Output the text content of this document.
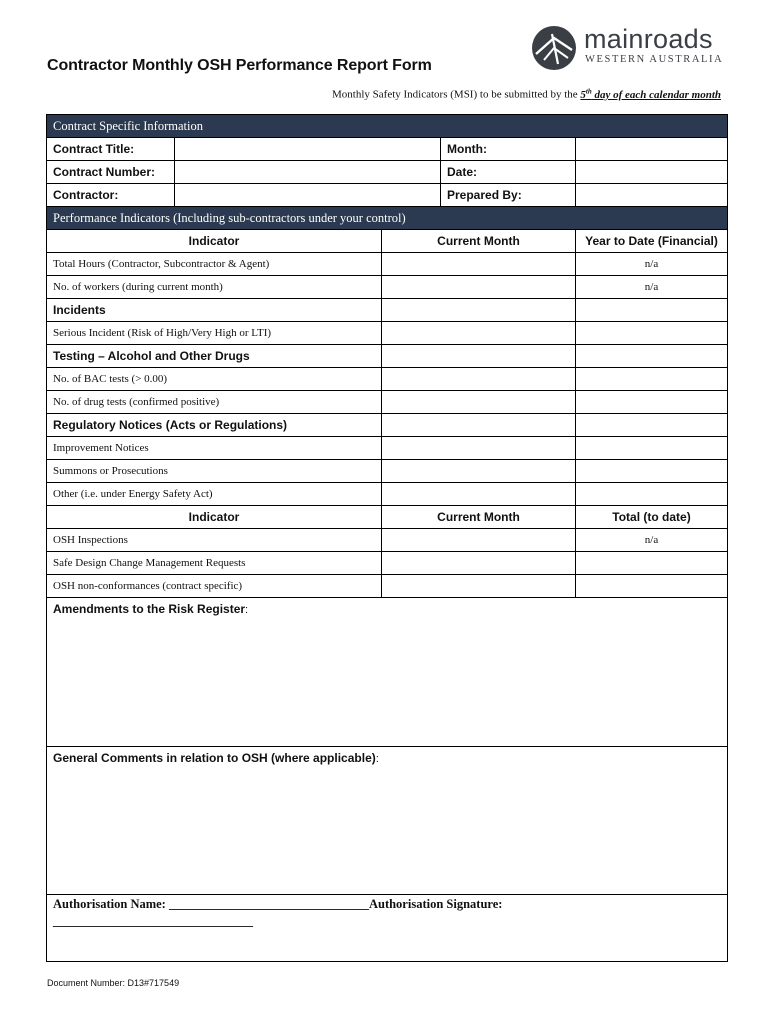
mainroads
WESTERN AUSTRALIA
Contractor Monthly OSH Performance Report Form
Monthly Safety Indicators (MSI) to be submitted by the 5th day of each calendar month
Contract Specific Information				
Contract Title:			Month:	
Contract Number:			Date:	
Contractor:			Prepared By:	
Performance Indicators (Including sub-contractors under your control)				
Indicator		Current Month		Year to Date (Financial)
Total Hours (Contractor, Subcontractor & Agent)				n/a
No. of workers (during current month)				n/a
Incidents				
Serious Incident (Risk of High/Very High or LTI)				
Testing – Alcohol and Other Drugs				
No. of BAC tests (> 0.00)				
No. of drug tests (confirmed positive)				
Regulatory Notices (Acts or Regulations)				
Improvement Notices				
Summons or Prosecutions				
Other (i.e. under Energy Safety Act)				
Indicator		Current Month		Total (to date)
OSH Inspections				n/a
Safe Design Change Management Requests				
OSH non-conformances (contract specific)				
Amendments to the Risk Register:				
General Comments in relation to OSH (where applicable):				

Authorisation Name: ________________________________Authorisation Signature:
________________________________				
Document Number: D13#717549
